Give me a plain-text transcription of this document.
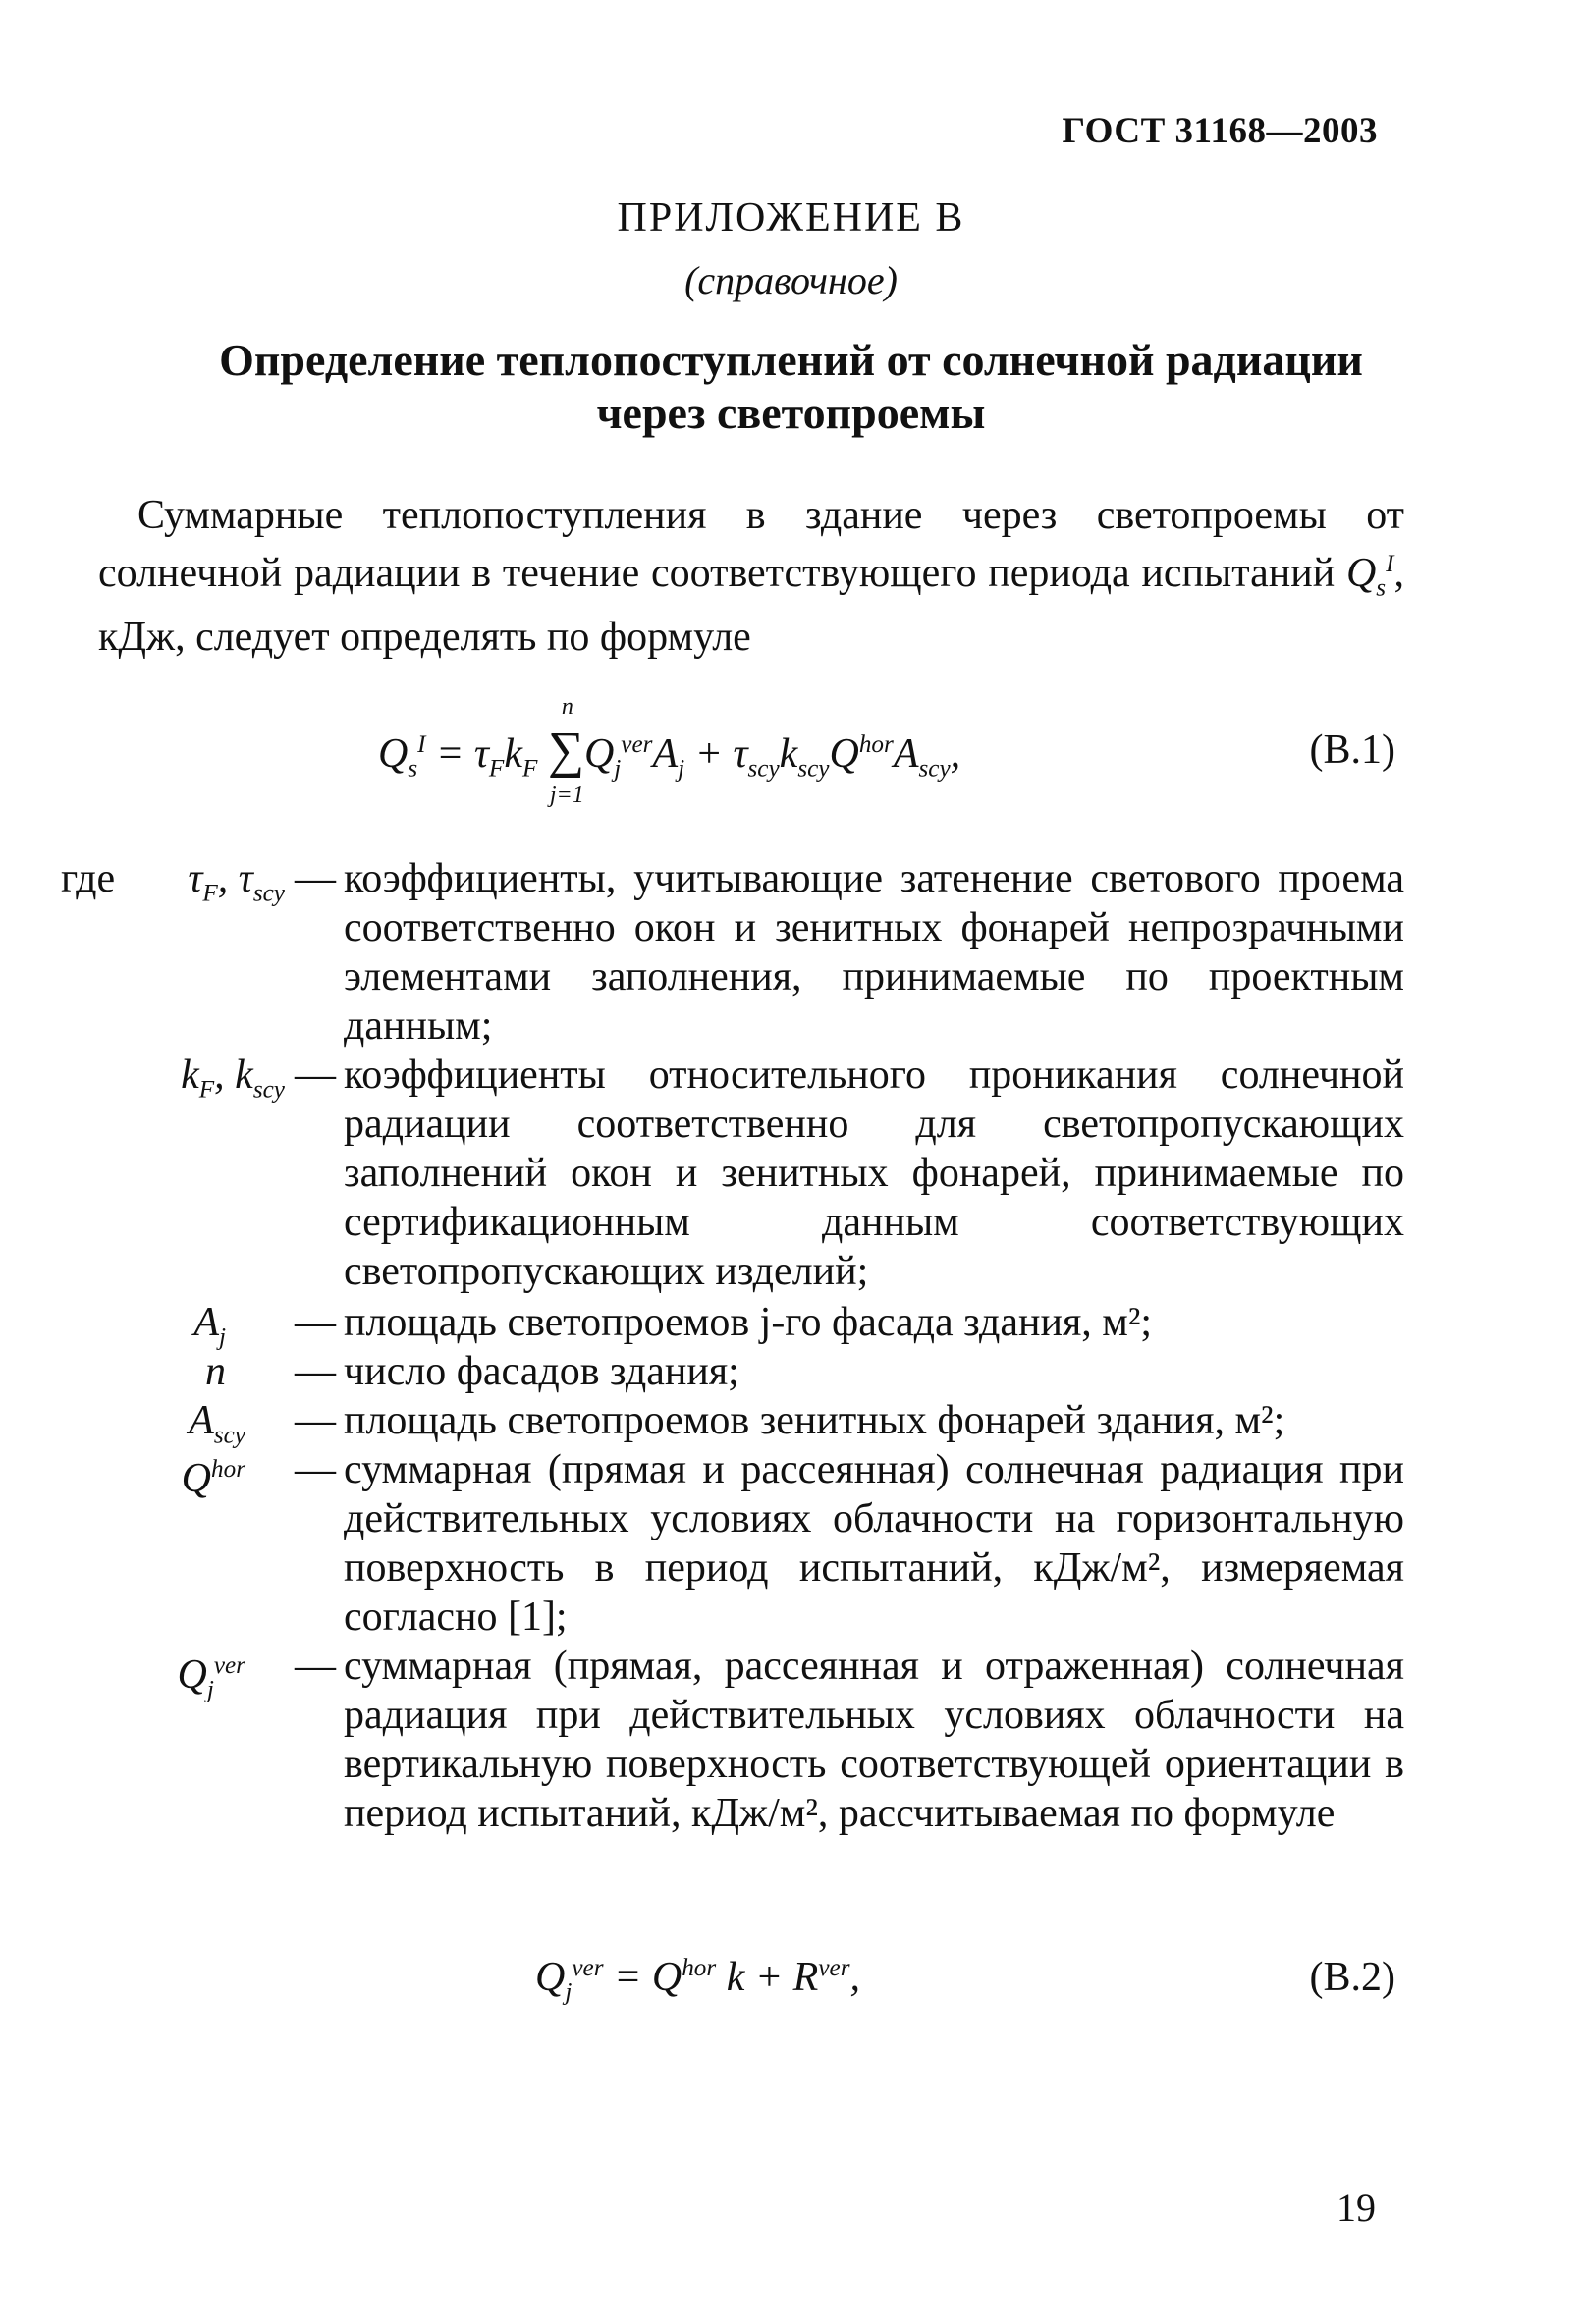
ГОСТ 31168—2003
ПРИЛОЖЕНИЕ В
(справочное)
Определение теплопоступлений от солнечной радиации
через светопроемы
Суммарные теплопоступления в здание через светопроемы от солнечной радиации в течение соответствующего периода испытаний $Q_s^I$, кДж, следует определять по формуле
$Q_s^I = \tau_Fk_F$ ∑
n
j=1
$Q_j^{ver}A_j + \tau_{scy}k_{scy}Q^{hor}A_{scy}$,	(В.1)
где	$\tau_F$, $\tau_{scy}$ — коэффициенты, учитывающие затенение светового проема соответственно окон и зенитных фонарей непрозрачными элементами заполнения, принимаемые по проектным данным;
$k_F$, $k_{scy}$ — коэффициенты относительного проникания солнечной радиации соответственно для светопропускающих заполнений окон и зенитных фонарей, принимаемые по сертификационным данным соответствующих светопропускающих изделий;
$A_j$ — площадь светопроемов j-го фасада здания, м²;
n — число фасадов здания;
$A_{scy}$ — площадь светопроемов зенитных фонарей здания, м²;
$Q^{hor}$ — суммарная (прямая и рассеянная) солнечная радиация при действительных условиях облачности на горизонтальную поверхность в период испытаний, кДж/м², измеряемая согласно [1];
$Q_j^{ver}$ — суммарная (прямая, рассеянная и отраженная) солнечная радиация при действительных условиях облачности на вертикальную поверхность соответствующей ориентации в период испытаний, кДж/м², рассчитываемая по формуле
$Q_j^{ver} = Q^{hor}$ $k + R^{ver}$,	(В.2)
19
